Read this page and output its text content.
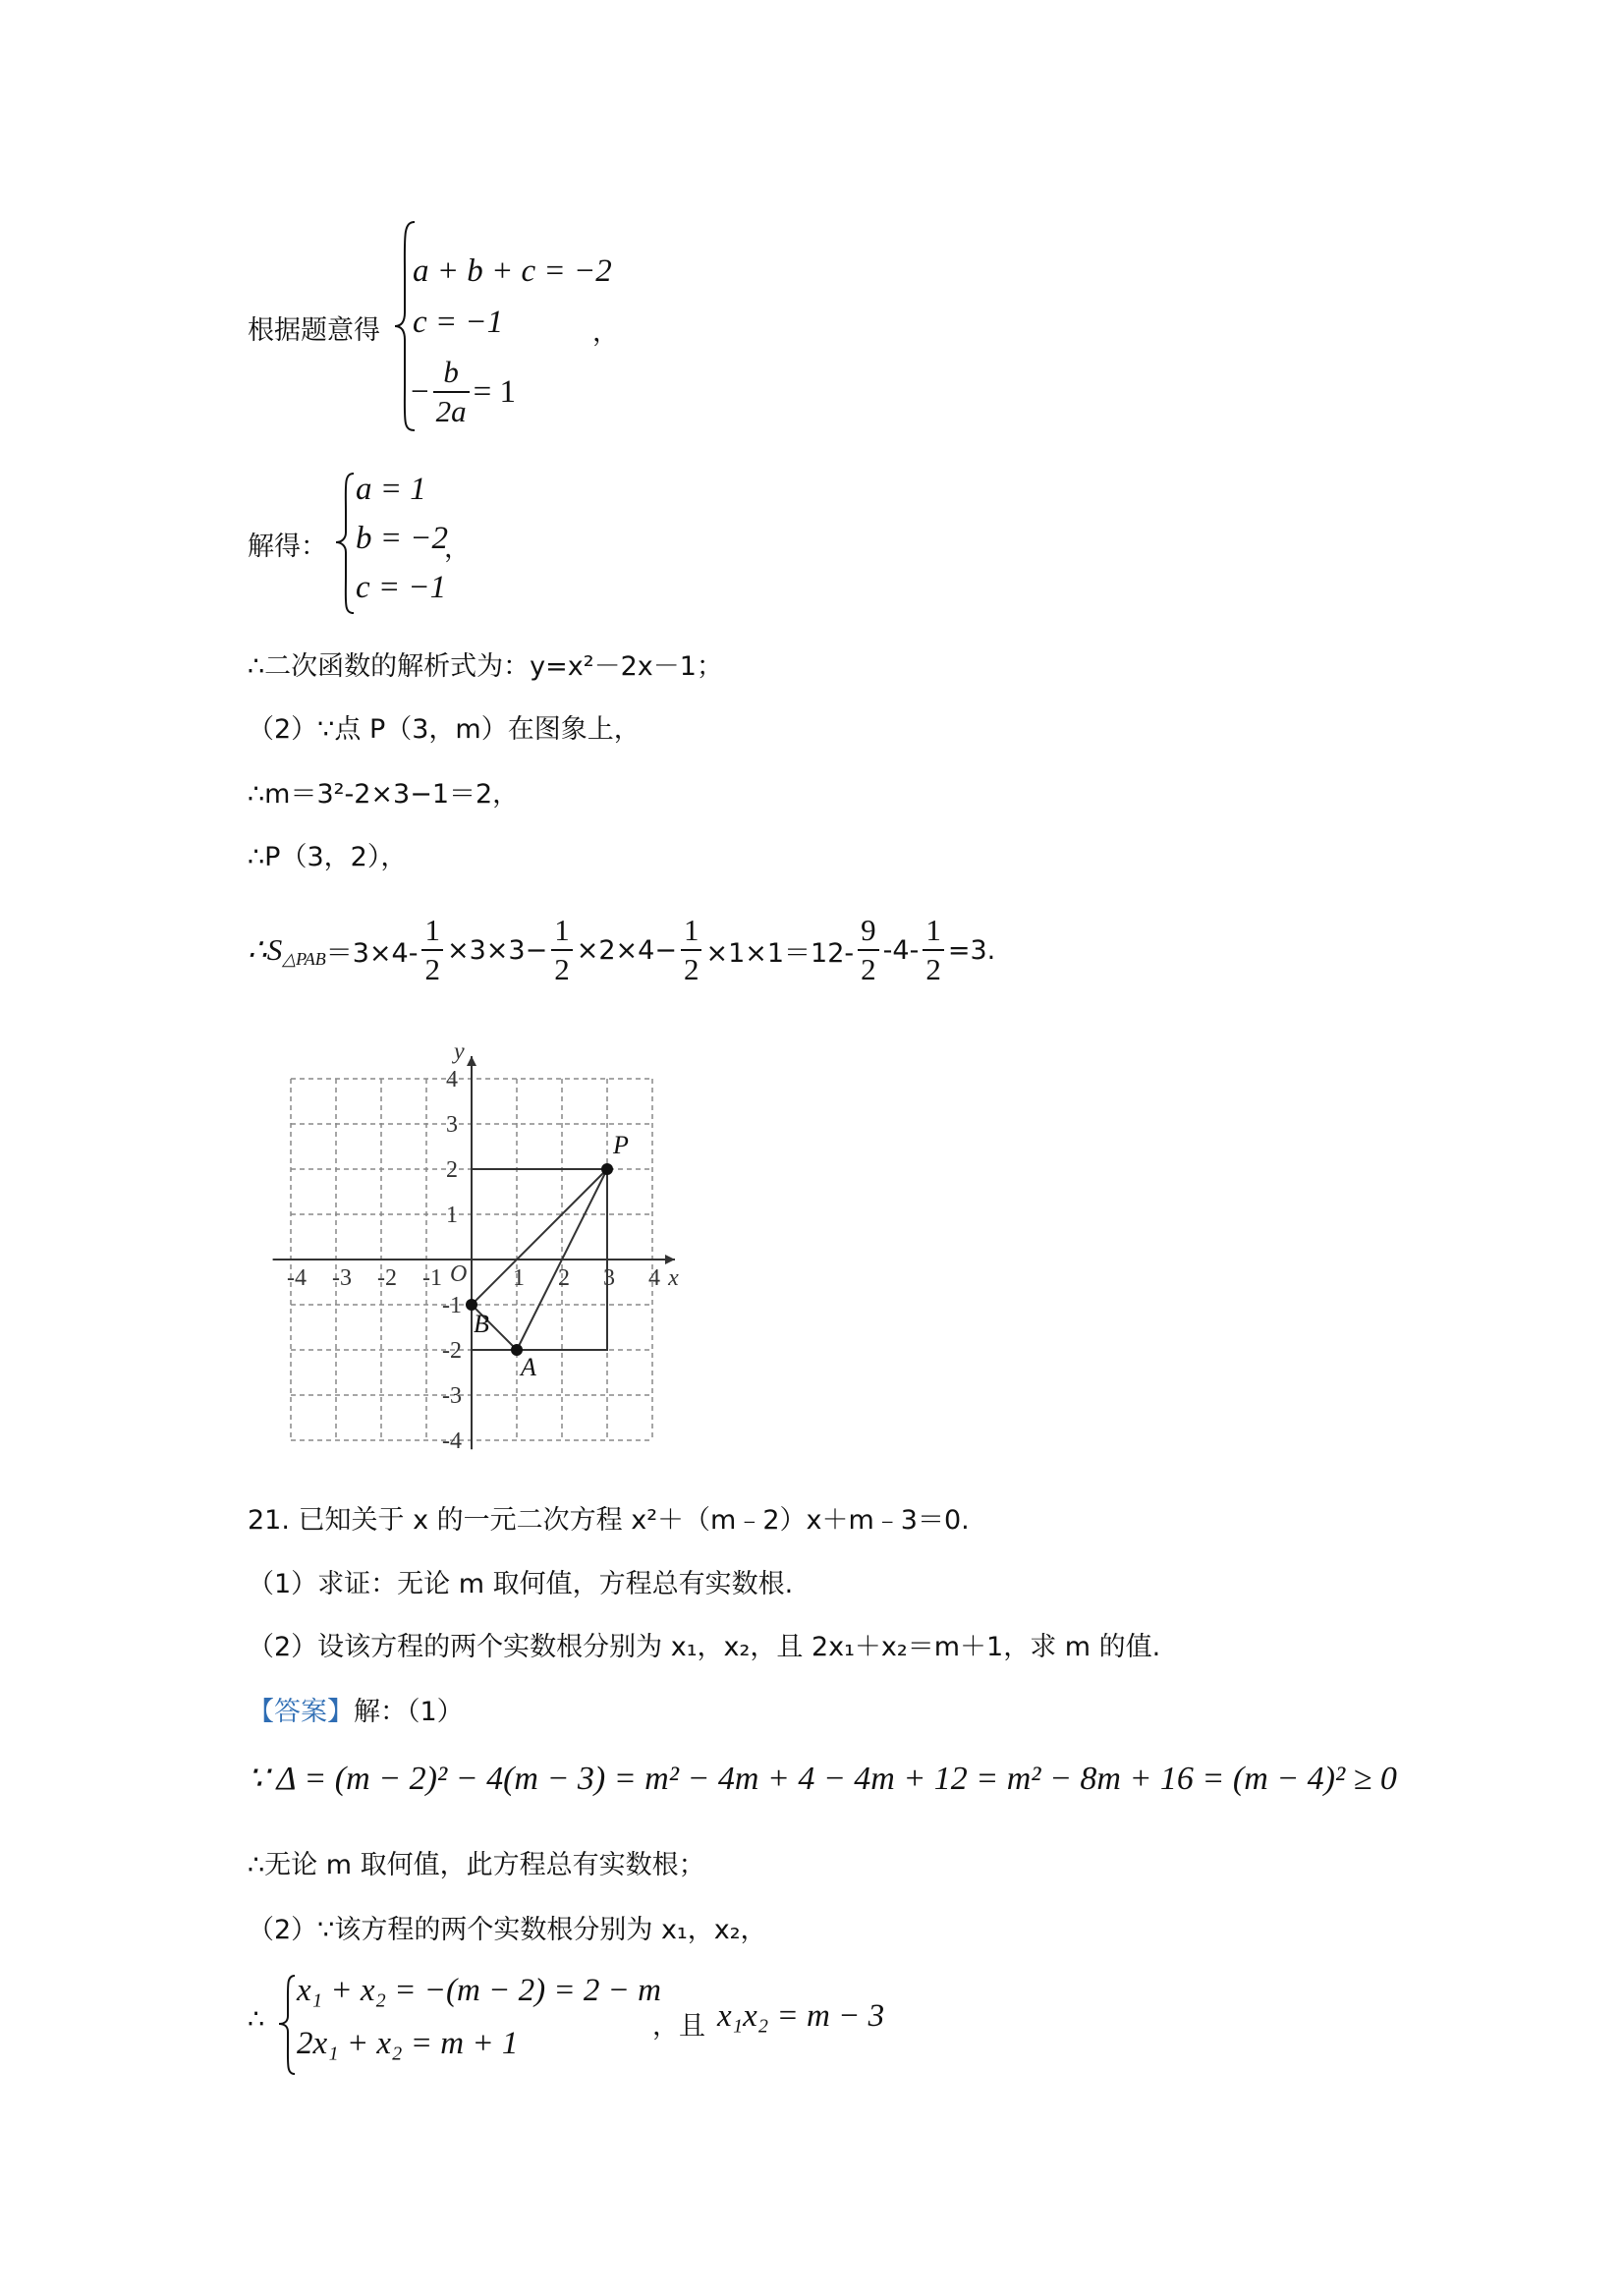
根据题意得
a + b + c = −2
c = −1	，
− $\frac{b}{2a} = 1$
解得：
a = 1
b = −2
，
c = −1
∴二次函数的解析式为：y=x²－2x－1；
（2）∵点 P（3，m）在图象上，
∴m＝3²-2×3−1＝2，
∴P（3，2），
$\therefore S_{\triangle PAB} =3\times 4- \frac{1}{2} \times 3\times 3- \frac{1}{2} \times 2\times 4- \frac{1}{2} \times 1\times 1=12- \frac{9}{2} -4- \frac{1}{2} =3$.
-4 -3 -2 -1	1 2 3 4
4
3
2
1
-1
-2
-3
-4
x
y
O
P
A
B
21. 已知关于 x 的一元二次方程 x²＋（m﹣2）x＋m﹣3＝0.
（1）求证：无论 m 取何值，方程总有实数根.
（2）设该方程的两个实数根分别为 x₁，x₂，且 2x₁＋x₂＝m＋1，求 m 的值.
【答案】解：（1）
∵ Δ = (m − 2)² − 4(m − 3) = m² − 4m + 4 − 4m + 12 = m² − 8m + 16 = (m − 4)² ≥ 0
∴无论 m 取何值，此方程总有实数根；
（2）∵该方程的两个实数根分别为 x₁，x₂，
∴
x₁ + x₂ = −(m − 2) = 2 − m
2x₁ + x₂ = m + 1	，且 x₁x₂ = m − 3
